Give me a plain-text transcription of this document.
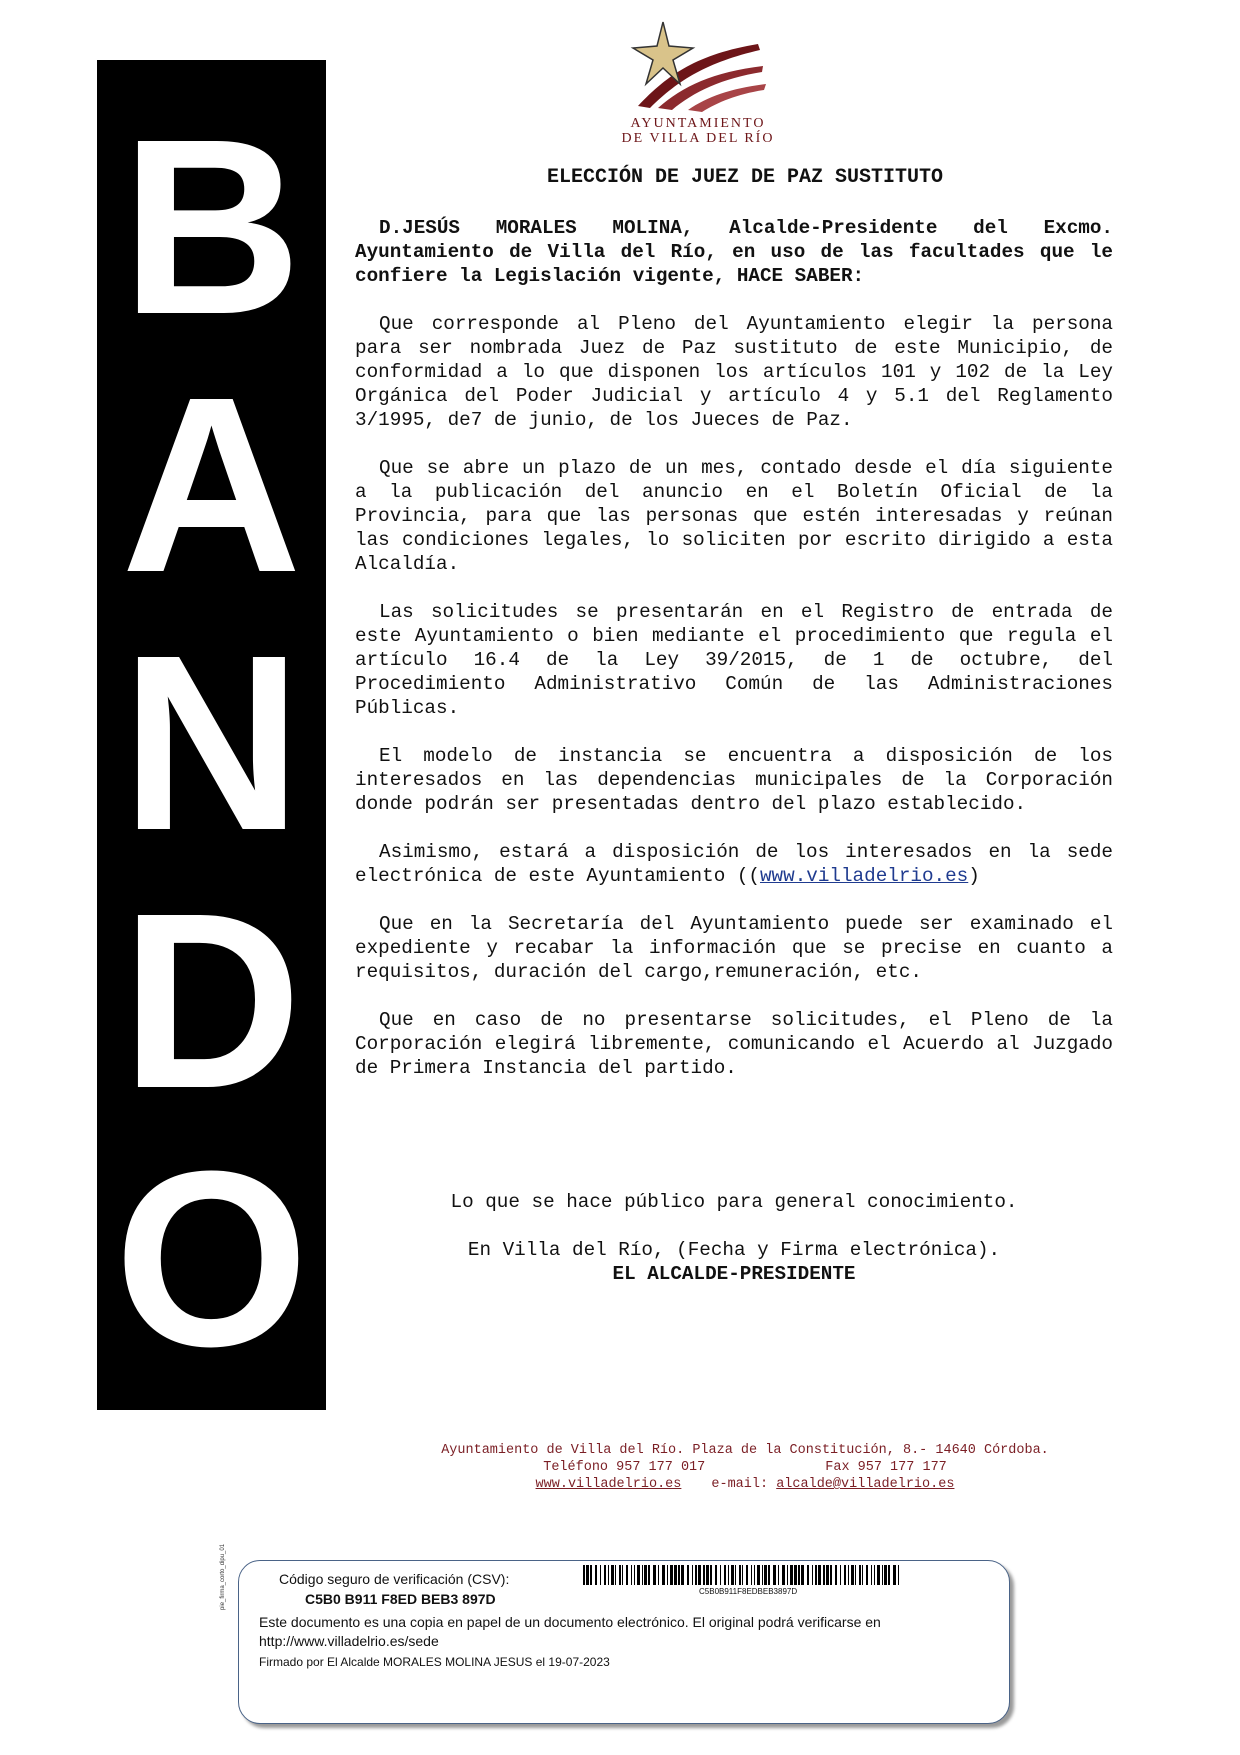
B
A
N
D
O
AYUNTAMIENTO
DE VILLA DEL RÍO
ELECCIÓN DE JUEZ DE PAZ SUSTITUTO

D.JESÚS MORALES MOLINA, Alcalde-Presidente del Excmo. Ayuntamiento de Villa del Río, en uso de las facultades que le confiere la Legislación vigente, HACE SABER:

Que corresponde al Pleno del Ayuntamiento elegir la persona para ser nombrada Juez de Paz sustituto de este Municipio, de conformidad a lo que disponen los artículos 101 y 102 de la Ley Orgánica del Poder Judicial y artículo 4 y 5.1 del Reglamento 3/1995, de7 de junio, de los Jueces de Paz.

Que se abre un plazo de un mes, contado desde el día siguiente a la publicación del anuncio en el Boletín Oficial de la Provincia, para que las personas que estén interesadas y reúnan las condiciones legales, lo soliciten por escrito dirigido a esta Alcaldía.

Las solicitudes se presentarán en el Registro de entrada de este Ayuntamiento o bien mediante el procedimiento que regula el artículo 16.4 de la Ley 39/2015, de 1 de octubre, del Procedimiento Administrativo Común de las Administraciones Públicas.

El modelo de instancia se encuentra a disposición de los interesados en las dependencias municipales de la Corporación donde podrán ser presentadas dentro del plazo establecido.

Asimismo, estará a disposición de los interesados en la sede electrónica de este Ayuntamiento ((www.villadelrio.es)

Que en la Secretaría del Ayuntamiento puede ser examinado el expediente y recabar la información que se precise en cuanto a requisitos, duración del cargo,remuneración, etc.

Que en caso de no presentarse solicitudes, el Pleno de la Corporación elegirá libremente, comunicando el Acuerdo al Juzgado de Primera Instancia del partido.

Lo que se hace público para general conocimiento.
En Villa del Río, (Fecha y Firma electrónica).
EL ALCALDE-PRESIDENTE
Ayuntamiento de Villa del Río. Plaza de la Constitución, 8.- 14640 Córdoba.
Teléfono 957 177 017	Fax 957 177 177
www.villadelrio.es e-mail: alcalde@villadelrio.es
pie_firma_corto_dipu_01	Código seguro de verificación (CSV):
C5B0 B911 F8ED BEB3 897D	C5B0B911F8EDBEB3897D
Este documento es una copia en papel de un documento electrónico. El original podrá verificarse en http://www.villadelrio.es/sede
Firmado por El Alcalde MORALES MOLINA JESUS el 19-07-2023
